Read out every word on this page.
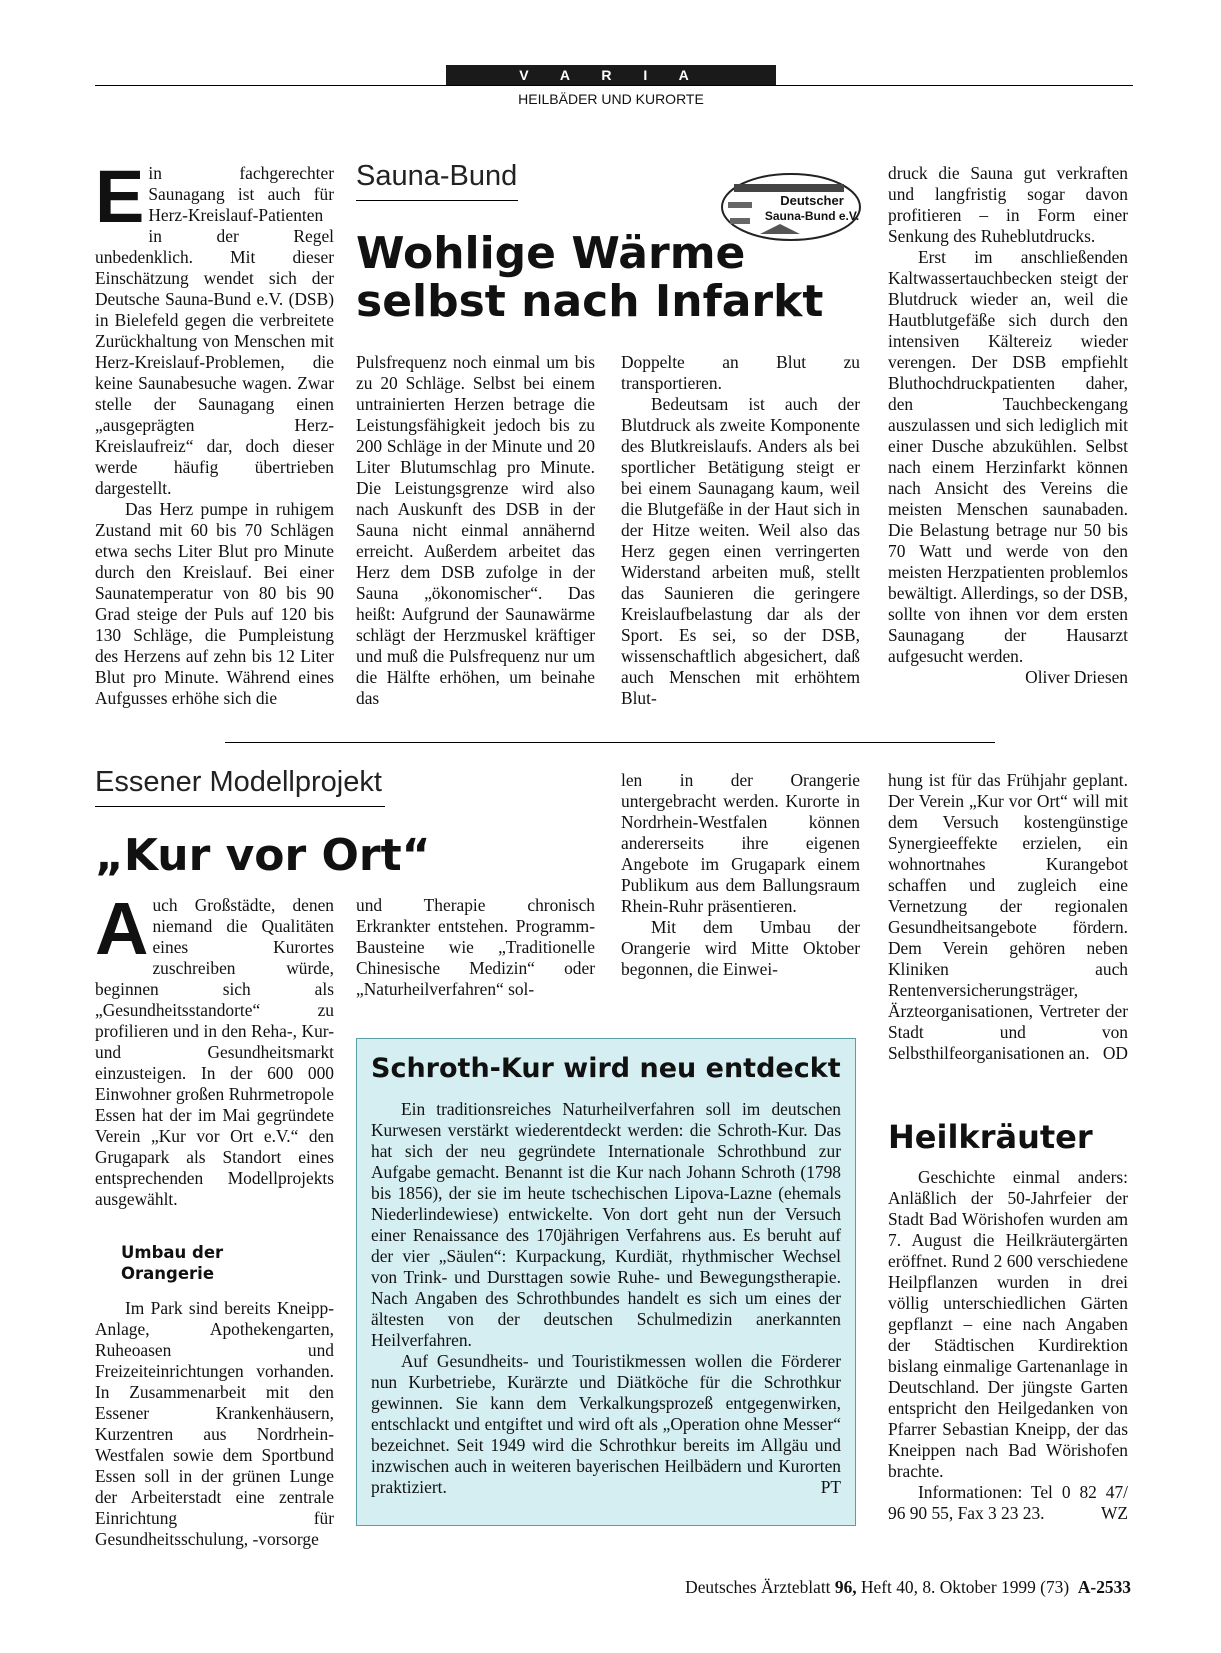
V A R I A
HEILBÄDER UND KURORTE

Ein fachgerechter Saunagang ist auch für Herz-Kreislauf-Patienten in der Regel unbedenklich. Mit dieser Einschätzung wendet sich der Deutsche Sauna-Bund e.V. (DSB) in Bielefeld gegen die verbreitete Zurückhaltung von Menschen mit Herz-Kreislauf-Problemen, die keine Saunabesuche wagen. Zwar stelle der Saunagang einen „ausgeprägten Herz-Kreislaufreiz“ dar, doch dieser werde häufig übertrieben dargestellt.

Das Herz pumpe in ruhigem Zustand mit 60 bis 70 Schlägen etwa sechs Liter Blut pro Minute durch den Kreislauf. Bei einer Saunatemperatur von 80 bis 90 Grad steige der Puls auf 120 bis 130 Schläge, die Pumpleistung des Herzens auf zehn bis 12 Liter Blut pro Minute. Während eines Aufgusses erhöhe sich die

Sauna-Bund
Deutscher
Sauna-Bund e.V.
Wohlige Wärme
selbst nach Infarkt

Pulsfrequenz noch einmal um bis zu 20 Schläge. Selbst bei einem untrainierten Herzen betrage die Leistungsfähigkeit jedoch bis zu 200 Schläge in der Minute und 20 Liter Blutumschlag pro Minute. Die Leistungsgrenze wird also nach Auskunft des DSB in der Sauna nicht einmal annähernd erreicht. Außerdem arbeitet das Herz dem DSB zufolge in der Sauna „ökonomischer“. Das heißt: Aufgrund der Saunawärme schlägt der Herzmuskel kräftiger und muß die Pulsfrequenz nur um die Hälfte erhöhen, um beinahe das

Doppelte an Blut zu transportieren.

Bedeutsam ist auch der Blutdruck als zweite Komponente des Blutkreislaufs. Anders als bei sportlicher Betätigung steigt er bei einem Saunagang kaum, weil die Blutgefäße in der Haut sich in der Hitze weiten. Weil also das Herz gegen einen verringerten Widerstand arbeiten muß, stellt das Saunieren die geringere Kreislaufbelastung dar als der Sport. Es sei, so der DSB, wissenschaftlich abgesichert, daß auch Menschen mit erhöhtem Blut-

druck die Sauna gut verkraften und langfristig sogar davon profitieren – in Form einer Senkung des Ruheblutdrucks.

Erst im anschließenden Kaltwassertauchbecken steigt der Blutdruck wieder an, weil die Hautblutgefäße sich durch den intensiven Kältereiz wieder verengen. Der DSB empfiehlt Bluthochdruckpatienten daher, den Tauchbeckengang auszulassen und sich lediglich mit einer Dusche abzukühlen. Selbst nach einem Herzinfarkt können nach Ansicht des Vereins die meisten Menschen saunabaden. Die Belastung betrage nur 50 bis 70 Watt und werde von den meisten Herzpatienten problemlos bewältigt. Allerdings, so der DSB, sollte von ihnen vor dem ersten Saunagang der Hausarzt aufgesucht werden.

Oliver Driesen
Essener Modellprojekt
„Kur vor Ort“

Auch Großstädte, denen niemand die Qualitäten eines Kurortes zuschreiben würde, beginnen sich als „Gesundheitsstandorte“ zu profilieren und in den Reha-, Kur- und Gesundheitsmarkt einzusteigen. In der 600 000 Einwohner großen Ruhrmetropole Essen hat der im Mai gegründete Verein „Kur vor Ort e.V.“ den Grugapark als Standort eines entsprechenden Modellprojekts ausgewählt.

Umbau der Orangerie

Im Park sind bereits Kneipp-Anlage, Apothekengarten, Ruheoasen und Freizeiteinrichtungen vorhanden. In Zusammenarbeit mit den Essener Krankenhäusern, Kurzentren aus Nordrhein-Westfalen sowie dem Sportbund Essen soll in der grünen Lunge der Arbeiterstadt eine zentrale Einrichtung für Gesundheitsschulung, -vorsorge

und Therapie chronisch Erkrankter entstehen. Programm-Bausteine wie „Traditionelle Chinesische Medizin“ oder „Naturheilverfahren“ sol-

len in der Orangerie untergebracht werden. Kurorte in Nordrhein-Westfalen können andererseits ihre eigenen Angebote im Grugapark einem Publikum aus dem Ballungsraum Rhein-Ruhr präsentieren.

Mit dem Umbau der Orangerie wird Mitte Oktober begonnen, die Einwei-

hung ist für das Frühjahr geplant. Der Verein „Kur vor Ort“ will mit dem Versuch kostengünstige Synergieeffekte erzielen, ein wohnortnahes Kurangebot schaffen und zugleich eine Vernetzung der regionalen Gesundheitsangebote fördern. Dem Verein gehören neben Kliniken auch Rentenversicherungsträger, Ärzteorganisationen, Vertreter der Stadt und von Selbsthilfeorganisationen an. OD

Schroth-Kur wird neu entdeckt

Ein traditionsreiches Naturheilverfahren soll im deutschen Kurwesen verstärkt wiederentdeckt werden: die Schroth-Kur. Das hat sich der neu gegründete Internationale Schrothbund zur Aufgabe gemacht. Benannt ist die Kur nach Johann Schroth (1798 bis 1856), der sie im heute tschechischen Lipova-Lazne (ehemals Niederlindewiese) entwickelte. Von dort geht nun der Versuch einer Renaissance des 170jährigen Verfahrens aus. Es beruht auf der vier „Säulen“: Kurpackung, Kurdiät, rhythmischer Wechsel von Trink- und Dursttagen sowie Ruhe- und Bewegungstherapie. Nach Angaben des Schrothbundes handelt es sich um eines der ältesten von der deutschen Schulmedizin anerkannten Heilverfahren.

Auf Gesundheits- und Touristikmessen wollen die Förderer nun Kurbetriebe, Kurärzte und Diätköche für die Schrothkur gewinnen. Sie kann dem Verkalkungsprozeß entgegenwirken, entschlackt und entgiftet und wird oft als „Operation ohne Messer“ bezeichnet. Seit 1949 wird die Schrothkur bereits im Allgäu und inzwischen auch in weiteren bayerischen Heilbädern und Kurorten praktiziert.	PT

Heilkräuter

Geschichte einmal anders: Anläßlich der 50-Jahrfeier der Stadt Bad Wörishofen wurden am 7. August die Heilkräutergärten eröffnet. Rund 2 600 verschiedene Heilpflanzen wurden in drei völlig unterschiedlichen Gärten gepflanzt – eine nach Angaben der Städtischen Kurdirektion bislang einmalige Gartenanlage in Deutschland. Der jüngste Garten entspricht den Heilgedanken von Pfarrer Sebastian Kneipp, der das Kneippen nach Bad Wörishofen brachte.

Informationen: Tel 0 82 47/ 96 90 55, Fax 3 23 23.	WZ

Deutsches Ärzteblatt 96, Heft 40, 8. Oktober 1999 (73) A-2533
